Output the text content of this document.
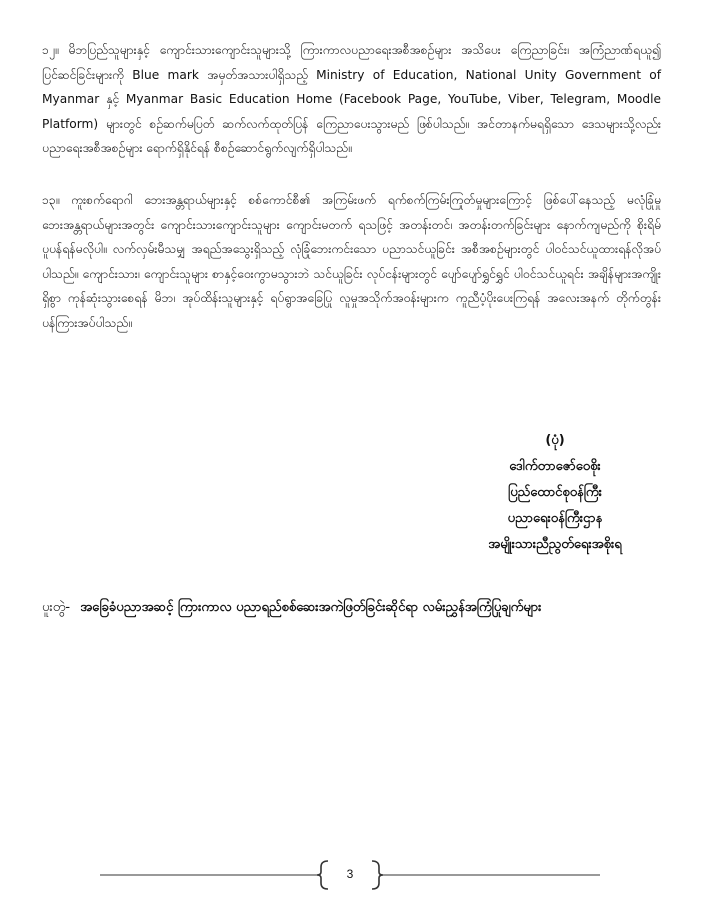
၁၂။ မိဘပြည်သူများနှင့် ကျောင်းသားကျောင်းသူများသို့ ကြားကာလပညာရေးအစီအစဉ်များ အသိပေး ကြေညာခြင်း၊ အကြံညာဏ်ရယူ၍ ပြင်ဆင်ခြင်းများကို Blue mark အမှတ်အသားပါရှိသည့် Ministry of Education, National Unity Government of Myanmar နှင့် Myanmar Basic Education Home (Facebook Page, YouTube, Viber, Telegram, Moodle Platform) များတွင် စဉ်ဆက်မပြတ် ဆက်လက်ထုတ်ပြန် ကြေညာပေးသွားမည် ဖြစ်ပါသည်။ အင်တာနက်မရရှိသော ဒေသများသို့လည်း ပညာရေးအစီအစဉ်များ ရောက်ရှိနိုင်ရန် စီစဉ်ဆောင်ရွက်လျက်ရှိပါသည်။

၁၃။ ကူးစက်ရောဂါ ဘေးအန္တရာယ်များနှင့် စစ်ကောင်စီ၏ အကြမ်းဖက် ရက်စက်ကြမ်းကြုတ်မှုများကြောင့် ဖြစ်ပေါ်နေသည့် မလုံခြုံမှု ဘေးအန္တရာယ်များအတွင်း ကျောင်းသားကျောင်းသူများ ကျောင်းမတက် ရသဖြင့် အတန်းတင်၊ အတန်းတက်ခြင်းများ နောက်ကျမည်ကို စိုးရိမ်ပူပန်ရန်မလိုပါ။ လက်လှမ်းမီသမျှ အရည်အသွေးရှိသည့် လုံခြုံဘေးကင်းသော ပညာသင်ယူခြင်း အစီအစဉ်များတွင် ပါဝင်သင်ယူထားရန်လိုအပ်ပါသည်။ ကျောင်းသား၊ ကျောင်းသူများ စာနှင့်ဝေးကွာမသွားဘဲ သင်ယူခြင်း လုပ်ငန်းများတွင် ပျော်ပျော်ရွှင်ရွှင် ပါဝင်သင်ယူရင်း အချိန်များအကျိုးရှိစွာ ကုန်ဆုံးသွားစေရန် မိဘ၊ အုပ်ထိန်းသူများနှင့် ရပ်ရွာအခြေပြု လူမှုအသိုက်အဝန်းများက ကူညီပံ့ပိုးပေးကြရန် အလေးအနက် တိုက်တွန်းပန်ကြားအပ်ပါသည်။

(ပုံ)
ဒေါက်တာဇော်ဝေစိုး
ပြည်ထောင်စုဝန်ကြီး
ပညာရေးဝန်ကြီးဌာန
အမျိုးသားညီညွတ်ရေးအစိုးရ
ပူးတွဲ- အခြေခံပညာအဆင့် ကြားကာလ ပညာရည်စစ်ဆေးအကဲဖြတ်ခြင်းဆိုင်ရာ လမ်းညွှန်အကြံပြုချက်များ
3
